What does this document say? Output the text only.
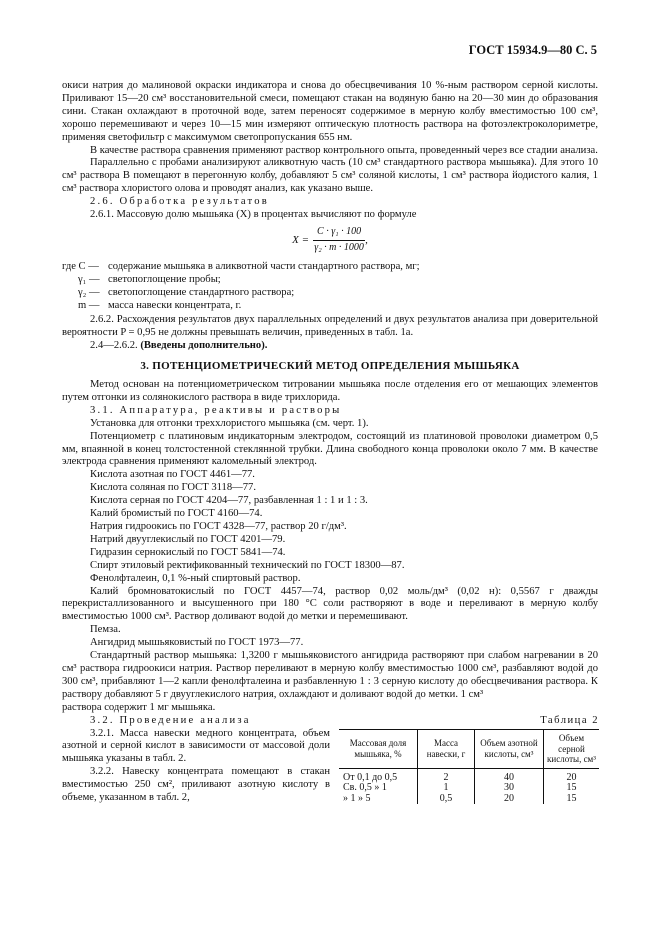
ГОСТ 15934.9—80 С. 5

окиси натрия до малиновой окраски индикатора и снова до обесцвечивания 10 %-ным раствором серной кислоты. Приливают 15—20 см³ восстановительной смеси, помещают стакан на водяную баню на 20—30 мин до образования сини. Стакан охлаждают в проточной воде, затем переносят содержимое в мерную колбу вместимостью 100 см³, хорошо перемешивают и через 10—15 мин измеряют оптическую плотность раствора на фотоэлектроколориметре, применяя светофильтр с максимумом светопропускания 655 нм.

В качестве раствора сравнения применяют раствор контрольного опыта, проведенный через все стадии анализа.

Параллельно с пробами анализируют аликвотную часть (10 см³ стандартного раствора мышьяка). Для этого 10 см³ раствора В помещают в перегонную колбу, добавляют 5 см³ соляной кислоты, 1 см³ раствора йодистого калия, 1 см³ раствора хлористого олова и проводят анализ, как указано выше.

2.6. Обработка результатов

2.6.1. Массовую долю мышьяка (X) в процентах вычисляют по формуле

$X = \frac{\text{C · γ₁ · 100}}{\text{γ₂ · m · 1000}}$ ,
где C — содержание мышьяка в аликвотной части стандартного раствора, мг;
γ₁ — светопоглощение пробы;
γ₂ — светопоглощение стандартного раствора;
m — масса навески концентрата, г.

2.6.2. Расхождения результатов двух параллельных определений и двух результатов анализа при доверительной вероятности P = 0,95 не должны превышать величин, приведенных в табл. 1а.

2.4—2.6.2. (Введены дополнительно).

3. ПОТЕНЦИОМЕТРИЧЕСКИЙ МЕТОД ОПРЕДЕЛЕНИЯ МЫШЬЯКА

Метод основан на потенциометрическом титровании мышьяка после отделения его от мешающих элементов путем отгонки из солянокислого раствора в виде трихлорида.

3.1. Аппаратура, реактивы и растворы

Установка для отгонки треххлористого мышьяка (см. черт. 1).

Потенциометр с платиновым индикаторным электродом, состоящий из платиновой проволоки диаметром 0,5 мм, впаянной в конец толстостенной стеклянной трубки. Длина свободного конца проволоки около 7 мм. В качестве электрода сравнения применяют каломельный электрод.

Кислота азотная по ГОСТ 4461—77.

Кислота соляная по ГОСТ 3118—77.

Кислота серная по ГОСТ 4204—77, разбавленная 1 : 1 и 1 : 3.

Калий бромистый по ГОСТ 4160—74.

Натрия гидроокись по ГОСТ 4328—77, раствор 20 г/дм³.

Натрий двууглекислый по ГОСТ 4201—79.

Гидразин сернокислый по ГОСТ 5841—74.

Спирт этиловый ректификованный технический по ГОСТ 18300—87.

Фенолфталеин, 0,1 %-ный спиртовый раствор.

Калий бромноватокислый по ГОСТ 4457—74, раствор 0,02 моль/дм³ (0,02 н): 0,5567 г дважды перекристаллизованного и высушенного при 180 °С соли растворяют в воде и переливают в мерную колбу вместимостью 1000 см³. Раствор доливают водой до метки и перемешивают.

Пемза.

Ангидрид мышьяковистый по ГОСТ 1973—77.

Стандартный раствор мышьяка: 1,3200 г мышьяковистого ангидрида растворяют при слабом нагревании в 20 см³ раствора гидроокиси натрия. Раствор переливают в мерную колбу вместимостью 1000 см³, разбавляют водой до 300 см³, прибавляют 1—2 капли фенолфталеина и разбавленную 1 : 3 серную кислоту до обесцвечивания раствора. К раствору добавляют 5 г двууглекислого натрия, охлаждают и доливают водой до метки. 1 см³

раствора содержит 1 мг мышьяка.

3.2. Проведение анализа

3.2.1. Масса навески медного концентрата, объем азотной и серной кислот в зависимости от массовой доли мышьяка указаны в табл. 2.

3.2.2. Навеску концентрата помещают в стакан вместимостью 250 см², приливают азотную кислоту в объеме, указанном в табл. 2,

Таблица 2
Массовая доля мышьяка, %	Масса навески, г	Объем азотной кислоты, см³	Объем серной кислоты, см³
От 0,1 до 0,5	2	40	20
Св. 0,5 » 1	1	30	15
» 1 » 5	0,5	20	15
